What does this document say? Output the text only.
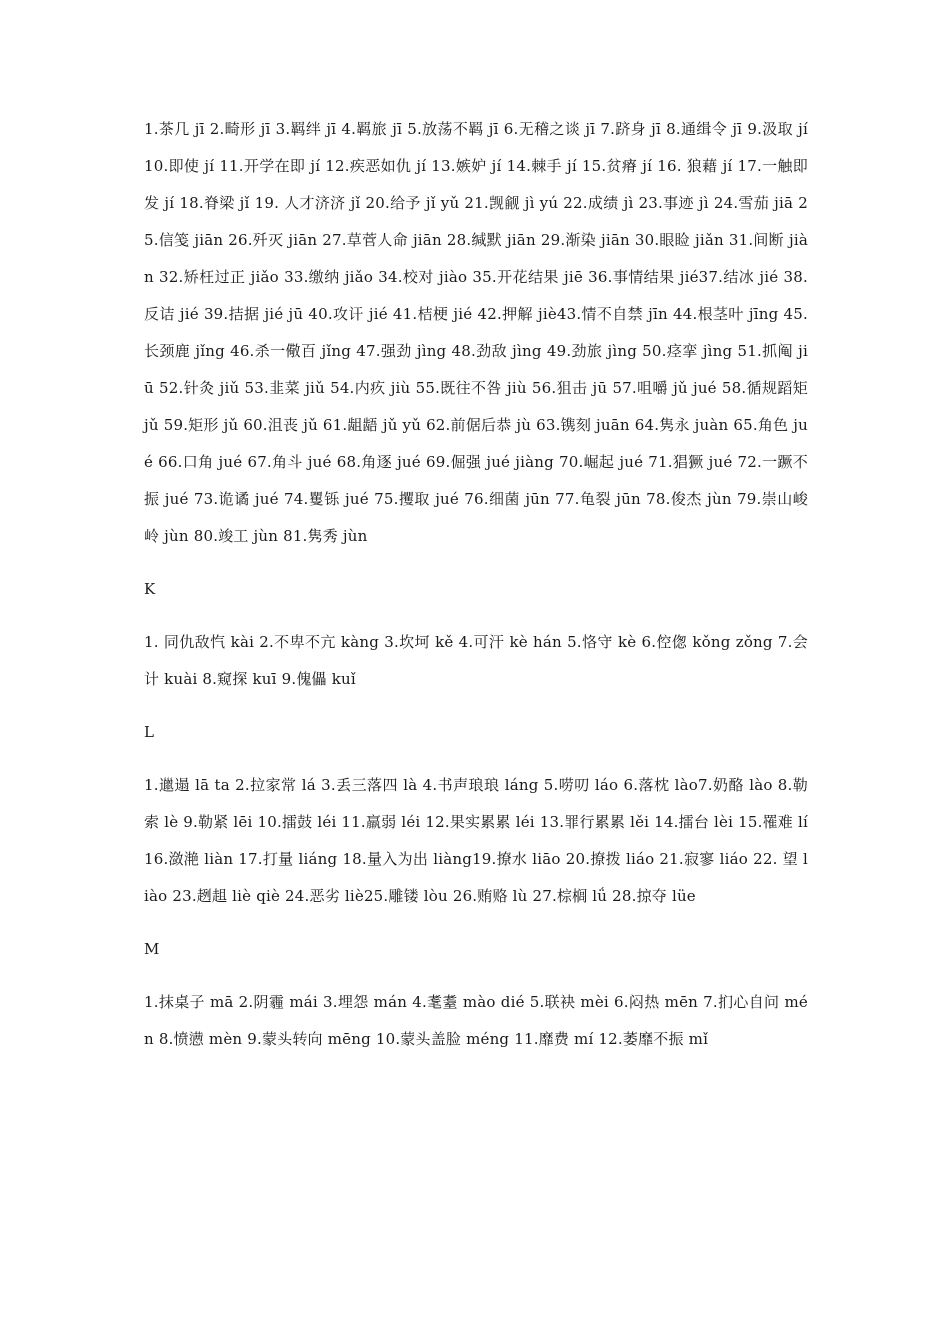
1.茶几 jī 2.畸形 jī 3.羁绊 jī 4.羁旅 jī 5.放荡不羁 jī 6.无稽之谈 jī 7.跻身 jī 8.通缉令 jī 9.汲取 jí 10.即使 jí 11.开学在即 jí 12.疾恶如仇 jí 13.嫉妒 jí 14.棘手 jí 15.贫瘠 jí 16. 狼藉 jí 17.一触即发 jí 18.脊梁 jǐ 19. 人才济济 jǐ 20.给予 jǐ yǔ 21.觊觎 jì yú 22.成绩 jì 23.事迹 jì 24.雪茄 jiā 25.信笺 jiān 26.歼灭 jiān 27.草菅人命 jiān 28.缄默 jiān 29.渐染 jiān 30.眼睑 jiǎn 31.间断 jiàn 32.矫枉过正 jiǎo 33.缴纳 jiǎo 34.校对 jiào 35.开花结果 jiē 36.事情结果 jié37.结冰 jié 38.反诘 jié 39.拮据 jié jū 40.攻讦 jié 41.桔梗 jié 42.押解 jiè43.情不自禁 jīn 44.根茎叶 jīng 45.长颈鹿 jǐng 46.杀一儆百 jǐng 47.强劲 jìng 48.劲敌 jìng 49.劲旅 jìng 50.痉挛 jìng 51.抓阄 jiū 52.针灸 jiǔ 53.韭菜 jiǔ 54.内疚 jiù 55.既往不咎 jiù 56.狙击 jū 57.咀嚼 jǔ jué 58.循规蹈矩 jǔ 59.矩形 jǔ 60.沮丧 jǔ 61.龃龉 jǔ yǔ 62.前倨后恭 jù 63.镌刻 juān 64.隽永 juàn 65.角色 jué 66.口角 jué 67.角斗 jué 68.角逐 jué 69.倔强 jué jiàng 70.崛起 jué 71.猖獗 jué 72.一蹶不振 jué 73.诡谲 jué 74.矍铄 jué 75.攫取 jué 76.细菌 jūn 77.龟裂 jūn 78.俊杰 jùn 79.崇山峻岭 jùn 80.竣工 jùn 81.隽秀 jùn

K

1. 同仇敌忾 kài 2.不卑不亢 kàng 3.坎坷 kě 4.可汗 kè hán 5.恪守 kè 6.倥偬 kǒng zǒng 7.会计 kuài 8.窥探 kuī 9.傀儡 kuǐ

L

1.邋遢 lā ta 2.拉家常 lá 3.丢三落四 là 4.书声琅琅 láng 5.唠叨 láo 6.落枕 lào7.奶酪 lào 8.勒索 lè 9.勒紧 lēi 10.擂鼓 léi 11.羸弱 léi 12.果实累累 léi 13.罪行累累 lěi 14.擂台 lèi 15.罹难 lí 16.潋滟 liàn 17.打量 liáng 18.量入为出 liàng19.撩水 liāo 20.撩拨 liáo 21.寂寥 liáo 22. 望 liào 23.趔趄 liè qiè 24.恶劣 liè25.雕镂 lòu 26.贿赂 lù 27.棕榈 lǘ 28.掠夺 lüe

M

1.抹桌子 mā 2.阴霾 mái 3.埋怨 mán 4.耄耋 mào dié 5.联袂 mèi 6.闷热 mēn 7.扪心自问 mén 8.愤懑 mèn 9.蒙头转向 mēng 10.蒙头盖脸 méng 11.靡费 mí 12.萎靡不振 mǐ
